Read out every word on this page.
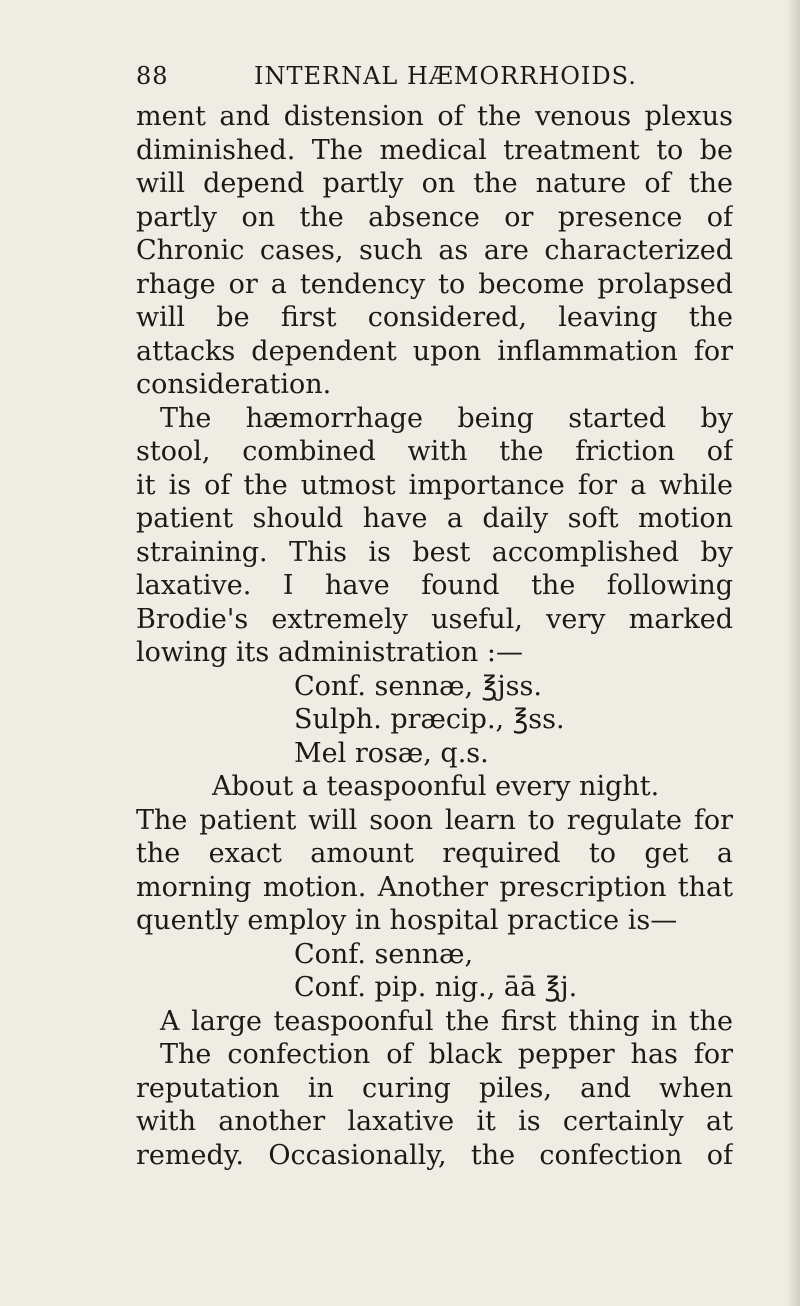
88	INTERNAL HÆMORRHOIDS.
ment and distension of the venous plexus
diminished. The medical treatment to be
will depend partly on the nature of the
partly on the absence or presence of
Chronic cases, such as are characterized
rhage or a tendency to become prolapsed
will be first considered, leaving the
attacks dependent upon inflammation for
consideration.
The hæmorrhage being started by
stool, combined with the friction of
it is of the utmost importance for a while
patient should have a daily soft motion
straining. This is best accomplished by
laxative. I have found the following
Brodie's extremely useful, very marked
lowing its administration :—
Conf. sennæ, ℥jss.
Sulph. præcip., ℥ss.
Mel rosæ, q.s.
About a teaspoonful every night.
The patient will soon learn to regulate for
the exact amount required to get a
morning motion. Another prescription that
quently employ in hospital practice is—
Conf. sennæ,
Conf. pip. nig., āā ℥j.
A large teaspoonful the first thing in the
The confection of black pepper has for
reputation in curing piles, and when
with another laxative it is certainly at
remedy. Occasionally, the confection of
